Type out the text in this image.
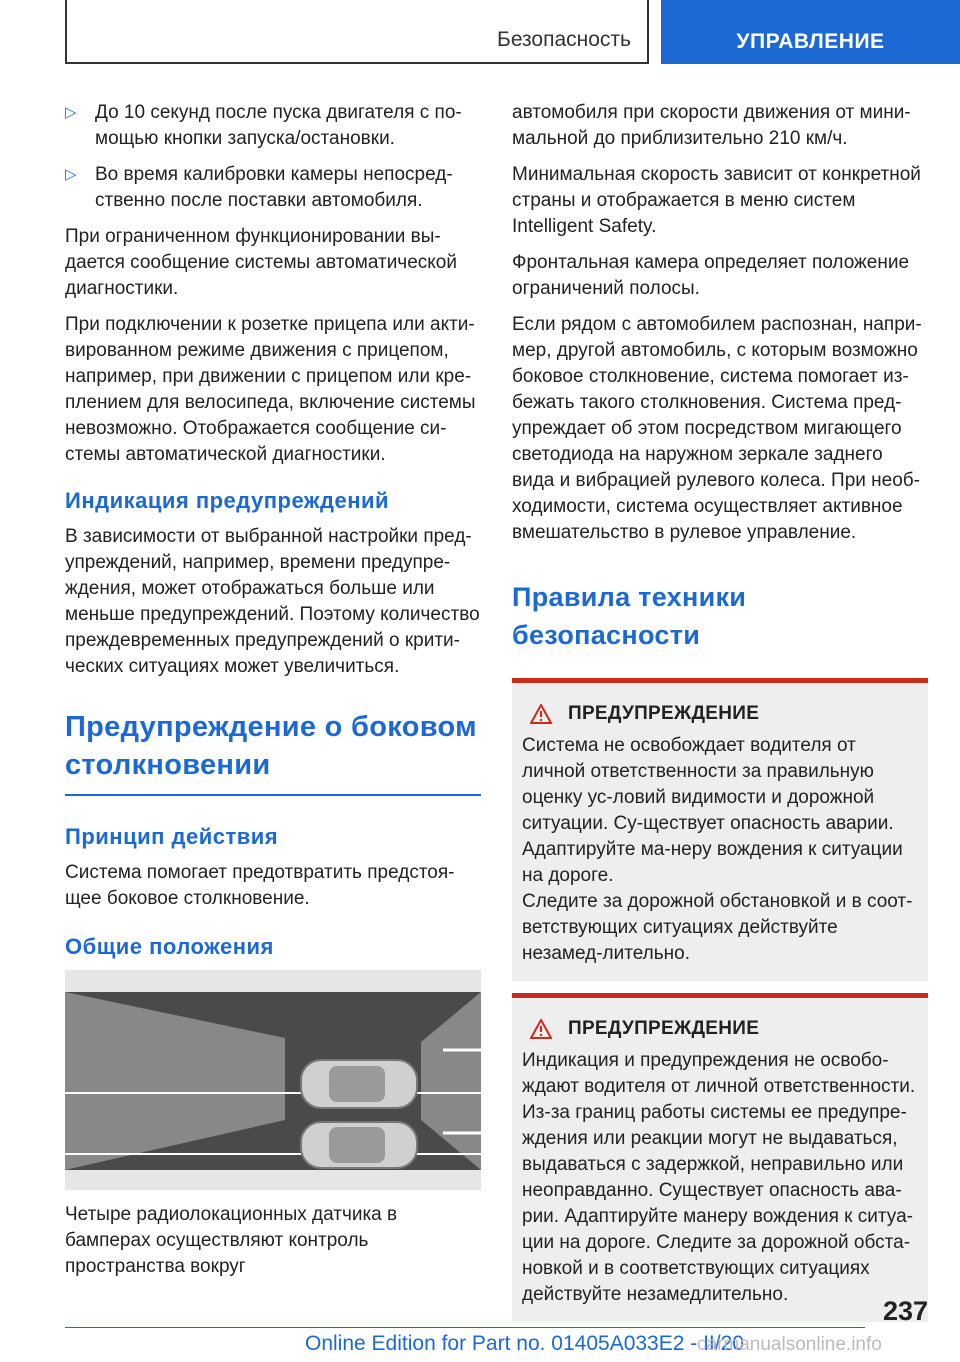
Безопасность	УПРАВЛЕНИЕ
▷ До 10 секунд после пуска двигателя с по-мощью кнопки запуска/остановки.
▷ Во время калибровки камеры непосред-ственно после поставки автомобиля.

При ограниченном функционировании вы-дается сообщение системы автоматической диагностики.

При подключении к розетке прицепа или акти-вированном режиме движения с прицепом, например, при движении с прицепом или кре-плением для велосипеда, включение системы невозможно. Отображается сообщение си-стемы автоматической диагностики.

Индикация предупреждений

В зависимости от выбранной настройки пред-упреждений, например, времени предупре-ждения, может отображаться больше или меньше предупреждений. Поэтому количество преждевременных предупреждений о крити-ческих ситуациях может увеличиться.

Предупреждение о боковом столкновении
Принцип действия

Система помогает предотвратить предстоя-щее боковое столкновение.

Общие положения

Четыре радиолокационных датчика в бамперах осуществляют контроль пространства вокруг

автомобиля при скорости движения от мини-мальной до приблизительно 210 км/ч.

Минимальная скорость зависит от конкретной страны и отображается в меню систем Intelligent Safety.

Фронтальная камера определяет положение ограничений полосы.

Если рядом с автомобилем распознан, напри-мер, другой автомобиль, с которым возможно боковое столкновение, система помогает из-бежать такого столкновения. Система пред-упреждает об этом посредством мигающего светодиода на наружном зеркале заднего вида и вибрацией рулевого колеса. При необ-ходимости, система осуществляет активное вмешательство в рулевое управление.

Правила техники безопасности
ПРЕДУПРЕЖДЕНИЕ

Система не освобождает водителя от личной ответственности за правильную оценку ус-ловий видимости и дорожной ситуации. Су-ществует опасность аварии. Адаптируйте ма-неру вождения к ситуации на дороге.

Следите за дорожной обстановкой и в соот-ветствующих ситуациях действуйте незамед-лительно.

ПРЕДУПРЕЖДЕНИЕ

Индикация и предупреждения не освобо-ждают водителя от личной ответственности. Из-за границ работы системы ее предупре-ждения или реакции могут не выдаваться, выдаваться с задержкой, неправильно или неоправданно. Существует опасность ава-рии. Адаптируйте манеру вождения к ситуа-ции на дороге. Следите за дорожной обста-новкой и в соответствующих ситуациях действуйте незамедлительно.

237
Online Edition for Part no. 01405A033E2 - II/20
carmanualsonline.info
